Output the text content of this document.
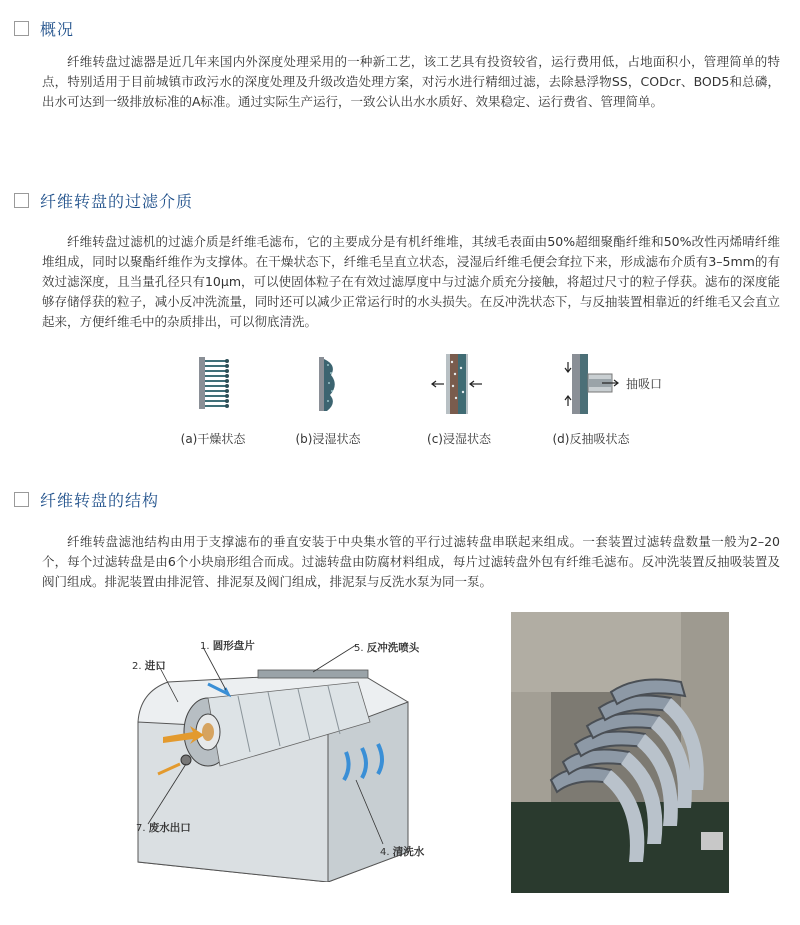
概况

纤维转盘过滤器是近几年来国内外深度处理采用的一种新工艺，该工艺具有投资较省，运行费用低，占地面积小，管理简单的特点，特别适用于目前城镇市政污水的深度处理及升级改造处理方案，对污水进行精细过滤，去除悬浮物SS，CODcr、BOD5和总磷，出水可达到一级排放标准的A标准。通过实际生产运行，一致公认出水水质好、效果稳定、运行费省、管理简单。

纤维转盘的过滤介质

纤维转盘过滤机的过滤介质是纤维毛滤布，它的主要成分是有机纤维堆，其绒毛表面由50%超细聚酯纤维和50%改性丙烯晴纤维堆组成，同时以聚酯纤维作为支撑体。在干燥状态下，纤维毛呈直立状态，浸湿后纤维毛便会耷拉下来，形成滤布介质有3–5mm的有效过滤深度，且当量孔径只有10μm，可以使固体粒子在有效过滤厚度中与过滤介质充分接触，将超过尺寸的粒子俘获。滤布的深度能够存储俘获的粒子，减小反冲洗流量，同时还可以减少正常运行时的水头损失。在反冲洗状态下，与反抽装置相靠近的纤维毛又会直立起来，方便纤维毛中的杂质排出，可以彻底清洗。

抽吸口
(a)干燥状态	(b)浸湿状态	(c)浸湿状态	(d)反抽吸状态
纤维转盘的结构

纤维转盘滤池结构由用于支撑滤布的垂直安装于中央集水管的平行过滤转盘串联起来组成。一套装置过滤转盘数量一般为2–20个，每个过滤转盘是由6个小块扇形组合而成。过滤转盘由防腐材料组成，每片过滤转盘外包有纤维毛滤布。反冲洗装置反抽吸装置及阀门组成。排泥装置由排泥管、排泥泵及阀门组成，排泥泵与反洗水泵为同一泵。

1. 圆形盘片
2. 进口
5. 反冲洗喷头
7. 废水出口
4. 清洗水
